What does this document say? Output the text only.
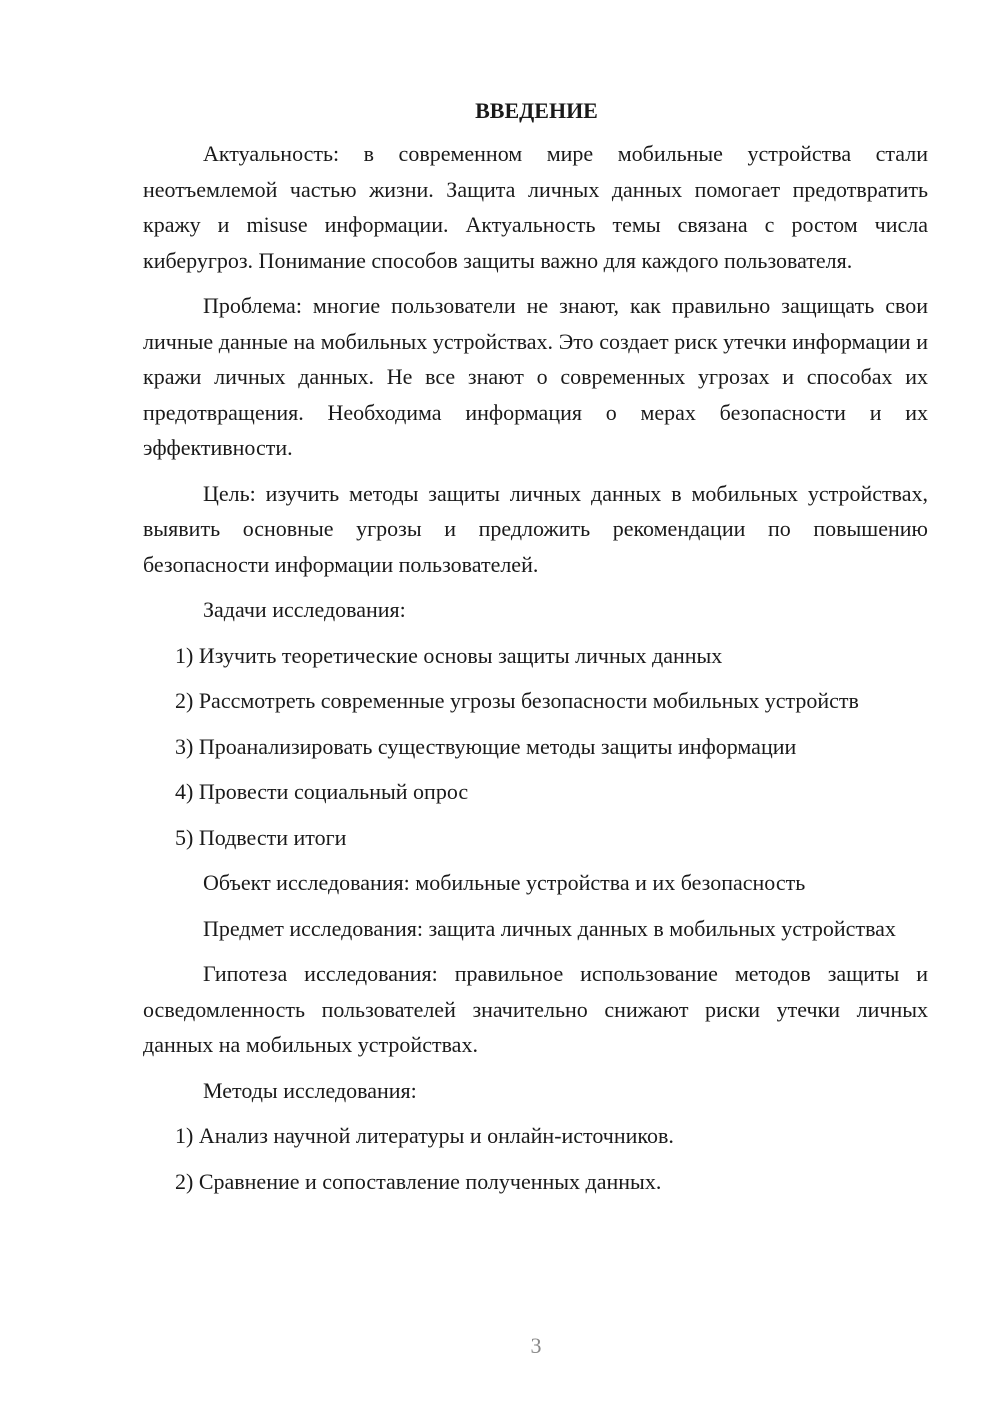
ВВЕДЕНИЕ

Актуальность: в современном мире мобильные устройства стали неотъемлемой частью жизни. Защита личных данных помогает предотвратить кражу и misuse информации. Актуальность темы связана с ростом числа киберугроз. Понимание способов защиты важно для каждого пользователя.

Проблема: многие пользователи не знают, как правильно защищать свои личные данные на мобильных устройствах. Это создает риск утечки информации и кражи личных данных. Не все знают о современных угрозах и способах их предотвращения. Необходима информация о мерах безопасности и их эффективности.

Цель: изучить методы защиты личных данных в мобильных устройствах, выявить основные угрозы и предложить рекомендации по повышению безопасности информации пользователей.

Задачи исследования:

1) Изучить теоретические основы защиты личных данных

2) Рассмотреть современные угрозы безопасности мобильных устройств

3) Проанализировать существующие методы защиты информации

4) Провести социальный опрос

5) Подвести итоги

Объект исследования: мобильные устройства и их безопасность

Предмет исследования: защита личных данных в мобильных устройствах

Гипотеза исследования: правильное использование методов защиты и осведомленность пользователей значительно снижают риски утечки личных данных на мобильных устройствах.

Методы исследования:

1) Анализ научной литературы и онлайн-источников.

2) Сравнение и сопоставление полученных данных.

3
